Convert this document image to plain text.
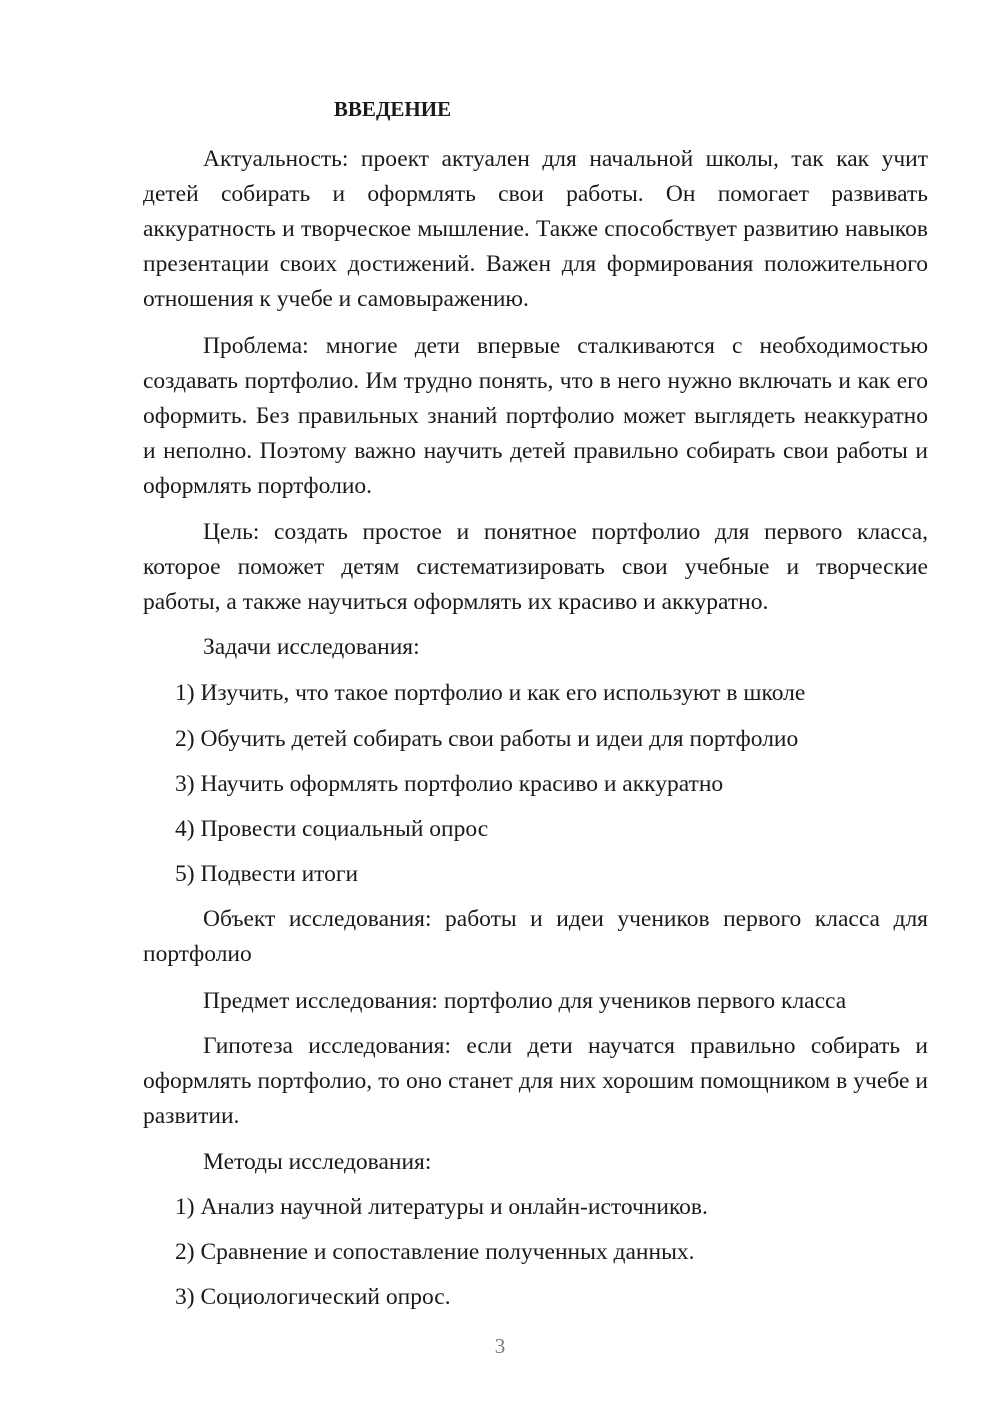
ВВЕДЕНИЕ

Актуальность: проект актуален для начальной школы, так как учит детей собирать и оформлять свои работы. Он помогает развивать аккуратность и творческое мышление. Также способствует развитию навыков презентации своих достижений. Важен для формирования положительного отношения к учебе и самовыражению.

Проблема: многие дети впервые сталкиваются с необходимостью создавать портфолио. Им трудно понять, что в него нужно включать и как его оформить. Без правильных знаний портфолио может выглядеть неаккуратно и неполно. Поэтому важно научить детей правильно собирать свои работы и оформлять портфолио.

Цель: создать простое и понятное портфолио для первого класса, которое поможет детям систематизировать свои учебные и творческие работы, а также научиться оформлять их красиво и аккуратно.

Задачи исследования:

1) Изучить, что такое портфолио и как его используют в школе

2) Обучить детей собирать свои работы и идеи для портфолио

3) Научить оформлять портфолио красиво и аккуратно

4) Провести социальный опрос

5) Подвести итоги

Объект исследования: работы и идеи учеников первого класса для портфолио

Предмет исследования: портфолио для учеников первого класса

Гипотеза исследования: если дети научатся правильно собирать и оформлять портфолио, то оно станет для них хорошим помощником в учебе и развитии.

Методы исследования:

1) Анализ научной литературы и онлайн-источников.

2) Сравнение и сопоставление полученных данных.

3) Социологический опрос.

3
